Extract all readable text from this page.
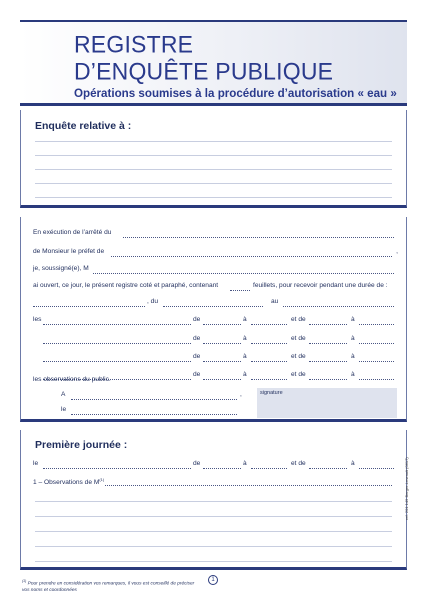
REGISTRE
D’ENQUÊTE PUBLIQUE
Opérations soumises à la procédure d’autorisation « eau »
Enquête relative à :
En exécution de l’arrêté du
de Monsieur le préfet de	,
je, soussigné(e), M
ai ouvert, ce jour, le présent registre coté et paraphé, contenant	feuillets, pour recevoir pendant une durée de :
, du	au
les	de	à	et de	à
de	à	et de	à
de	à	et de	à
de	à	et de	à
les observations du public.
A	,
le
signature
Première journée :
le	de	à	et de	à
1 – Observations de $M^{(1)}$
$^{(1)}$ Pour prendre en considération vos remarques, il vous est conseillé de préciser
vos noms et coordonnées
1
ref. 201 149 Berger-Levrault (0617)
